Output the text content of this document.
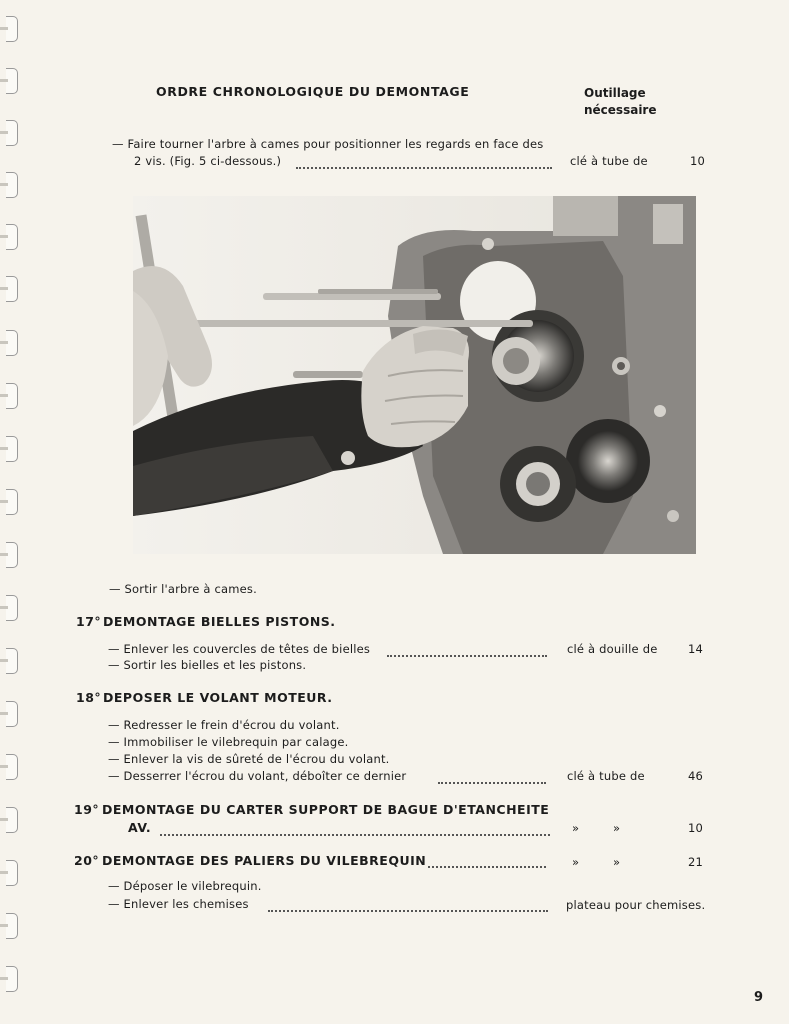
ORDRE CHRONOLOGIQUE DU DEMONTAGE	Outillage
nécessaire
— Faire tourner l'arbre à cames pour positionner les regards en face des
2 vis. (Fig. 5 ci-dessous.)	clé à tube de	10
— Sortir l'arbre à cames.
17° DEMONTAGE BIELLES PISTONS.
— Enlever les couvercles de têtes de bielles	clé à douille de	14
— Sortir les bielles et les pistons.
18° DEPOSER LE VOLANT MOTEUR.
— Redresser le frein d'écrou du volant.
— Immobiliser le vilebrequin par calage.
— Enlever la vis de sûreté de l'écrou du volant.
— Desserrer l'écrou du volant, déboîter ce dernier	clé à tube de	46
19° DEMONTAGE DU CARTER SUPPORT DE BAGUE D'ETANCHEITE
AV.	»	»	10
20° DEMONTAGE DES PALIERS DU VILEBREQUIN	»	»	21
— Déposer le vilebrequin.
— Enlever les chemises	plateau pour chemises.
9
